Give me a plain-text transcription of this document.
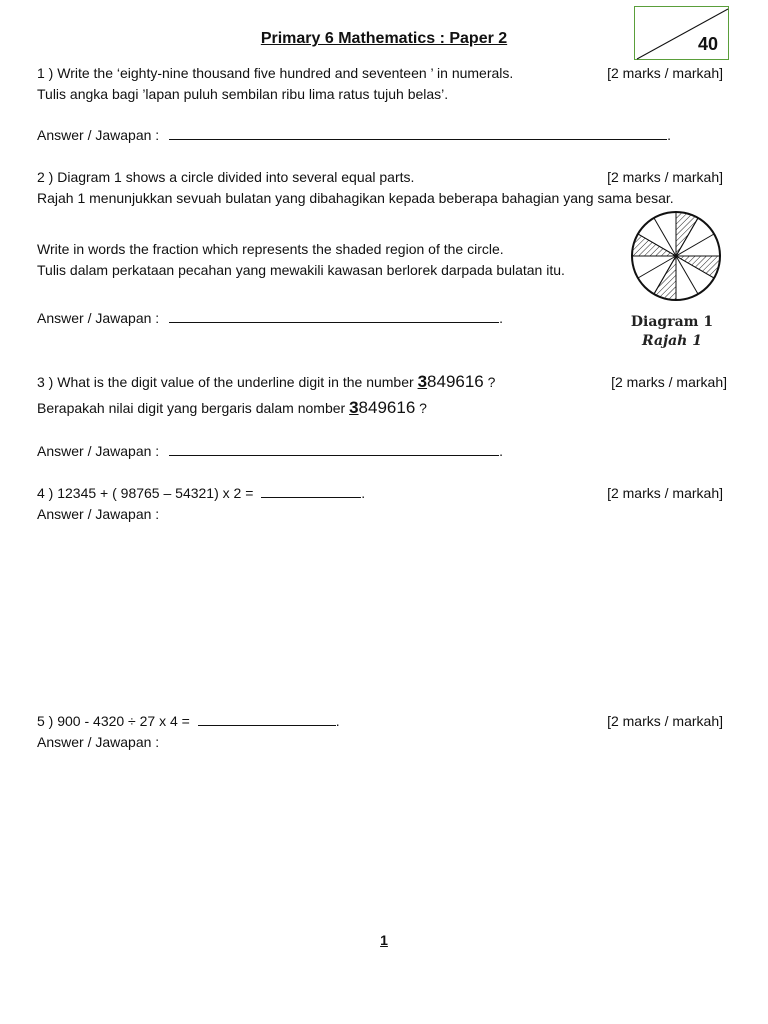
Primary 6 Mathematics : Paper 2	40
1 ) Write the ‘eighty-nine thousand five hundred and seventeen ’ in numerals.	[2 marks / markah]
Tulis angka bagi ’lapan puluh sembilan ribu lima ratus tujuh belas’.
Answer / Jawapan :	.
2 ) Diagram 1 shows a circle divided into several equal parts.	[2 marks / markah]
Rajah 1 menunjukkan sevuah bulatan yang dibahagikan kepada beberapa bahagian yang sama besar.
Write in words the fraction which represents the shaded region of the circle.
Tulis dalam perkataan pecahan yang mewakili kawasan berlorek darpada bulatan itu.
Answer / Jawapan :	.	Diagram 1
Rajah 1
3 ) What is the digit value of the underline digit in the number 3849616 ?	[2 marks / markah]
Berapakah nilai digit yang bergaris dalam nomber 3849616 ?
Answer / Jawapan :	.
4 ) 12345 + ( 98765 – 54321) x 2 =	.	[2 marks / markah]
Answer / Jawapan :
5 ) 900 - 4320 ÷ 27 x 4 =	.	[2 marks / markah]
Answer / Jawapan :
1
